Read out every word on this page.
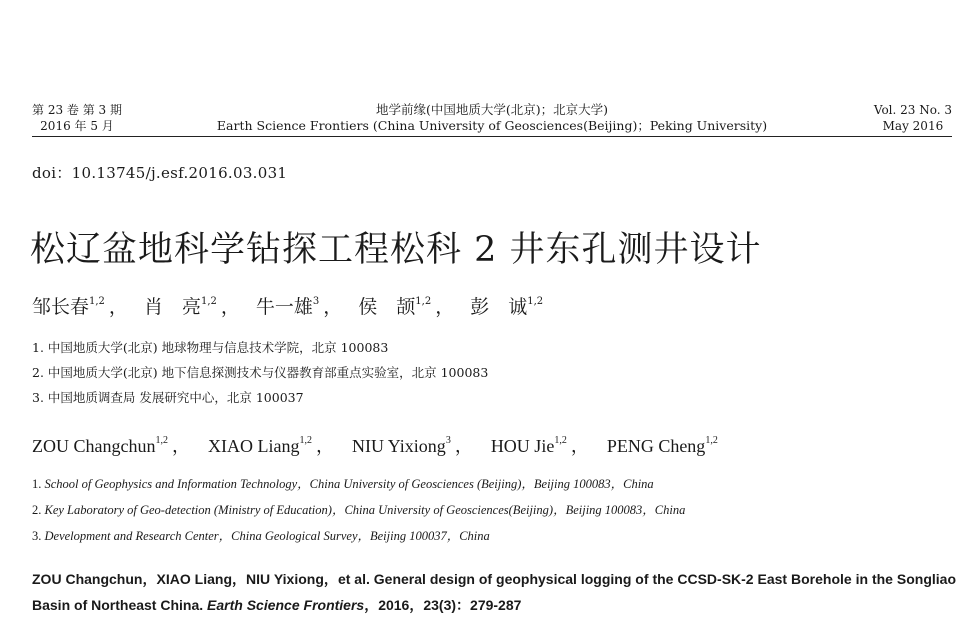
第 23 卷 第 3 期
2016 年 5 月
地学前缘(中国地质大学(北京)；北京大学)
Earth Science Frontiers (China University of Geosciences(Beijing)；Peking University)
Vol. 23 No. 3
May 2016
doi：10.13745/j.esf.2016.03.031
松辽盆地科学钻探工程松科 2 井东孔测井设计
邹长春$^{1,2}$ ， 肖　亮$^{1,2}$ ， 牛一雄$^3$ ， 侯　颉$^{1,2}$ ， 彭　诚$^{1,2}$
1. 中国地质大学(北京) 地球物理与信息技术学院，北京 100083
2. 中国地质大学(北京) 地下信息探测技术与仪器教育部重点实验室，北京 100083
3. 中国地质调查局 发展研究中心，北京 100037
ZOU Changchun$^{1,2}$ ， XIAO Liang$^{1,2}$ ， NIU Yixiong$^3$ ， HOU Jie$^{1,2}$ ， PENG Cheng$^{1,2}$
1. School of Geophysics and Information Technology，China University of Geosciences (Beijing)，Beijing 100083，China
2. Key Laboratory of Geo-detection (Ministry of Education)，China University of Geosciences(Beijing)，Beijing 100083，China
3. Development and Research Center，China Geological Survey，Beijing 100037，China
ZOU Changchun，XIAO Liang，NIU Yixiong，et al. General design of geophysical logging of the CCSD-SK-2 East Borehole in the Songliao Basin of Northeast China. Earth Science Frontiers，2016，23(3)：279-287
